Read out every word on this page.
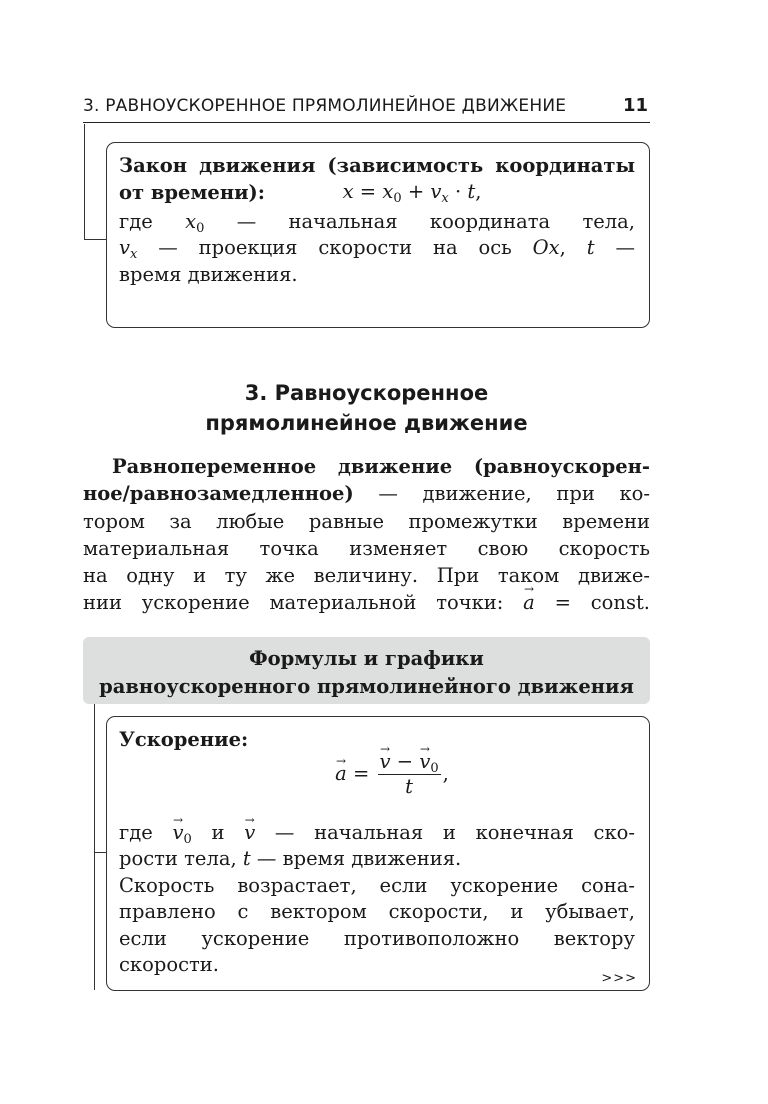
3. РАВНОУСКОРЕННОЕ ПРЯМОЛИНЕЙНОЕ ДВИЖЕНИЕ	11

Закон движения (зависимость координаты

от времени):	$x = x_0 + v_x \cdot t$,

где $x_0$ — начальная координата тела,

$v_x$ — проекция скорости на ось Ox, t —

время движения.

3. Равноускоренное
прямолинейное движение
Равнопеременное движение (равноускорен-
ное/равнозамедленное) — движение, при ко-
тором за любые равные промежутки времени
материальная точка изменяет свою скорость
на одну и ту же величину. При таком движе-
нии ускорение материальной точки: → a = const.
Формулы и графики
равноускоренного прямолинейного движения

Ускорение:

→ a = → $\frac{v - \to v_0}{t}$ ,

где → $v_0$ и → v — начальная и конечная ско-

рости тела, t — время движения.

Скорость возрастает, если ускорение сона-

правлено с вектором скорости, и убывает,

если ускорение противоположно вектору

скорости.

>>>
